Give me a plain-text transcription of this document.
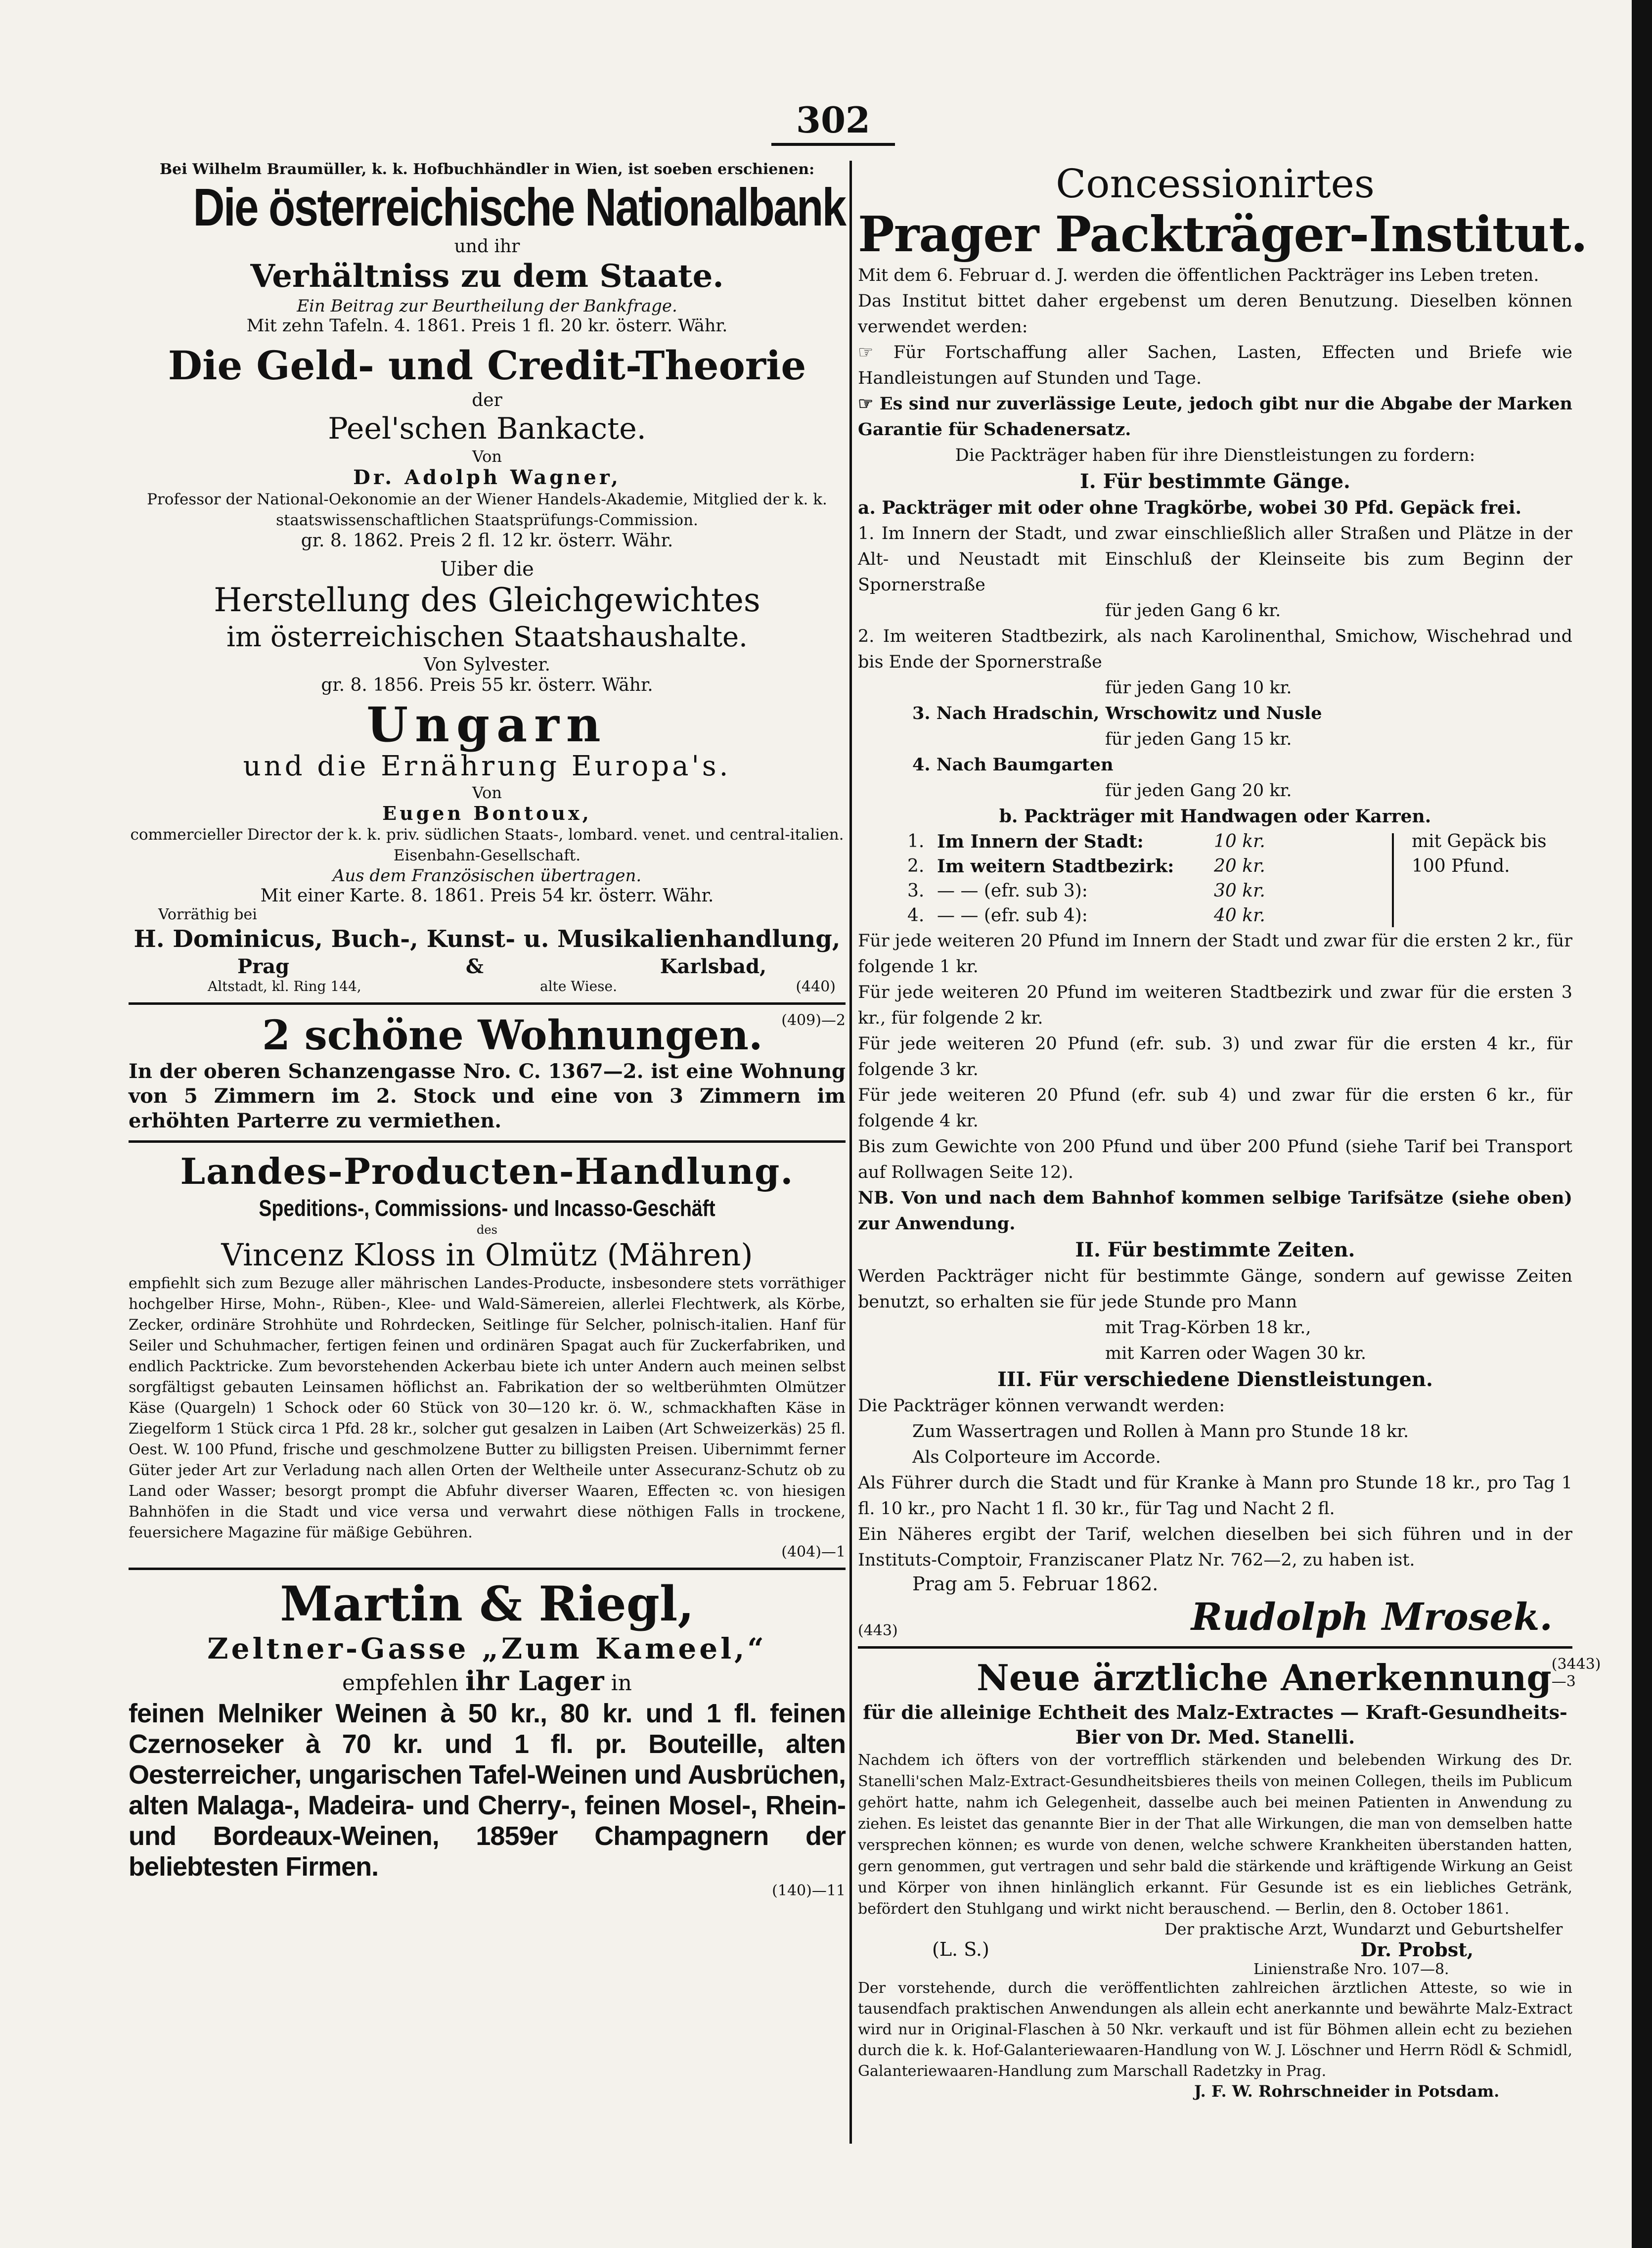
302

Bei Wilhelm Braumüller, k. k. Hofbuchhändler in Wien, ist soeben erschienen:

Die österreichische Nationalbank

und ihr

Verhältniss zu dem Staate.

Ein Beitrag zur Beurtheilung der Bankfrage.

Mit zehn Tafeln. 4. 1861. Preis 1 fl. 20 kr. österr. Währ.

Die Geld- und Credit-Theorie

der

Peel'schen Bankacte.

Von

Dr. Adolph Wagner,

Professor der National-Oekonomie an der Wiener Handels-Akademie, Mitglied der k. k. staatswissenschaftlichen Staatsprüfungs-Commission.

gr. 8. 1862. Preis 2 fl. 12 kr. österr. Währ.

Uiber die

Herstellung des Gleichgewichtes

im österreichischen Staatshaushalte.

Von Sylvester.

gr. 8. 1856. Preis 55 kr. österr. Währ.

Ungarn

und die Ernährung Europa's.

Von

Eugen Bontoux,

commercieller Director der k. k. priv. südlichen Staats-, lombard. venet. und central-italien. Eisenbahn-Gesellschaft.

Aus dem Französischen übertragen.

Mit einer Karte. 8. 1861. Preis 54 kr. österr. Währ.

Vorräthig bei

H. Dominicus, Buch-, Kunst- u. Musikalienhandlung,

Prag	&	Karlsbad,
Altstadt, kl. Ring 144,	alte Wiese.	(440)
2 schöne Wohnungen. (409)—2

In der oberen Schanzengasse Nro. C. 1367—2. ist eine Wohnung von 5 Zimmern im 2. Stock und eine von 3 Zimmern im erhöhten Parterre zu vermiethen.

Landes-Producten-Handlung.

Speditions-, Commissions- und Incasso-Geschäft

des

Vincenz Kloss in Olmütz (Mähren)

empfiehlt sich zum Bezuge aller mährischen Landes-Producte, insbesondere stets vorräthiger hochgelber Hirse, Mohn-, Rüben-, Klee- und Wald-Sämereien, allerlei Flechtwerk, als Körbe, Zecker, ordinäre Strohhüte und Rohrdecken, Seitlinge für Selcher, polnisch-italien. Hanf für Seiler und Schuhmacher, fertigen feinen und ordinären Spagat auch für Zuckerfabriken, und endlich Packtricke. Zum bevorstehenden Ackerbau biete ich unter Andern auch meinen selbst sorgfältigst gebauten Leinsamen höflichst an. Fabrikation der so weltberühmten Olmützer Käse (Quargeln) 1 Schock oder 60 Stück von 30—120 kr. ö. W., schmackhaften Käse in Ziegelform 1 Stück circa 1 Pfd. 28 kr., solcher gut gesalzen in Laiben (Art Schweizerkäs) 25 fl. Oest. W. 100 Pfund, frische und geschmolzene Butter zu billigsten Preisen. Uibernimmt ferner Güter jeder Art zur Verladung nach allen Orten der Weltheile unter Assecuranz-Schutz ob zu Land oder Wasser; besorgt prompt die Abfuhr diverser Waaren, Effecten ꝛc. von hiesigen Bahnhöfen in die Stadt und vice versa und verwahrt diese nöthigen Falls in trockene, feuersichere Magazine für mäßige Gebühren.

(404)—1

Martin & Riegl,

Zeltner-Gasse „Zum Kameel,“

empfehlen ihr Lager in

feinen Melniker Weinen à 50 kr., 80 kr. und 1 fl. feinen Czernoseker à 70 kr. und 1 fl. pr. Bouteille, alten Oesterreicher, ungarischen Tafel-Weinen und Ausbrüchen, alten Malaga-, Madeira- und Cherry-, feinen Mosel-, Rhein- und Bordeaux-Weinen, 1859er Champagnern der beliebtesten Firmen.

(140)—11

Concessionirtes

Prager Packträger-Institut.

Mit dem 6. Februar d. J. werden die öffentlichen Packträger ins Leben treten.

Das Institut bittet daher ergebenst um deren Benutzung. Dieselben können verwendet werden:

☞ Für Fortschaffung aller Sachen, Lasten, Effecten und Briefe wie Handleistungen auf Stunden und Tage.

☞ Es sind nur zuverlässige Leute, jedoch gibt nur die Abgabe der Marken Garantie für Schadenersatz.

Die Packträger haben für ihre Dienstleistungen zu fordern:

I. Für bestimmte Gänge.

a. Packträger mit oder ohne Tragkörbe, wobei 30 Pfd. Gepäck frei.

1. Im Innern der Stadt, und zwar einschließlich aller Straßen und Plätze in der Alt- und Neustadt mit Einschluß der Kleinseite bis zum Beginn der Spornerstraße

für jeden Gang 6 kr.

2. Im weiteren Stadtbezirk, als nach Karolinenthal, Smichow, Wischehrad und bis Ende der Spornerstraße

für jeden Gang 10 kr.

3. Nach Hradschin, Wrschowitz und Nusle

für jeden Gang 15 kr.

4. Nach Baumgarten

für jeden Gang 20 kr.

b. Packträger mit Handwagen oder Karren.

1. Im Innern der Stadt:	10 kr.	mit Gepäck bis
2. Im weitern Stadtbezirk:	20 kr.	100 Pfund.
3. — — (efr. sub 3):	30 kr.
4. — — (efr. sub 4):	40 kr.

Für jede weiteren 20 Pfund im Innern der Stadt und zwar für die ersten 2 kr., für folgende 1 kr.

Für jede weiteren 20 Pfund im weiteren Stadtbezirk und zwar für die ersten 3 kr., für folgende 2 kr.

Für jede weiteren 20 Pfund (efr. sub. 3) und zwar für die ersten 4 kr., für folgende 3 kr.

Für jede weiteren 20 Pfund (efr. sub 4) und zwar für die ersten 6 kr., für folgende 4 kr.

Bis zum Gewichte von 200 Pfund und über 200 Pfund (siehe Tarif bei Transport auf Rollwagen Seite 12).

NB. Von und nach dem Bahnhof kommen selbige Tarifsätze (siehe oben) zur Anwendung.

II. Für bestimmte Zeiten.

Werden Packträger nicht für bestimmte Gänge, sondern auf gewisse Zeiten benutzt, so erhalten sie für jede Stunde pro Mann

mit Trag-Körben 18 kr.,

mit Karren oder Wagen 30 kr.

III. Für verschiedene Dienstleistungen.

Die Packträger können verwandt werden:

Zum Wassertragen und Rollen à Mann pro Stunde 18 kr.

Als Colporteure im Accorde.

Als Führer durch die Stadt und für Kranke à Mann pro Stunde 18 kr., pro Tag 1 fl. 10 kr., pro Nacht 1 fl. 30 kr., für Tag und Nacht 2 fl.

Ein Näheres ergibt der Tarif, welchen dieselben bei sich führen und in der Instituts-Comptoir, Franziscaner Platz Nr. 762—2, zu haben ist.

Prag am 5. Februar 1862.

(443)	Rudolph Mrosek.
Neue ärztliche Anerkennung (3443)—3

für die alleinige Echtheit des Malz-Extractes — Kraft-Gesundheits-Bier von Dr. Med. Stanelli.

Nachdem ich öfters von der vortrefflich stärkenden und belebenden Wirkung des Dr. Stanelli'schen Malz-Extract-Gesundheitsbieres theils von meinen Collegen, theils im Publicum gehört hatte, nahm ich Gelegenheit, dasselbe auch bei meinen Patienten in Anwendung zu ziehen. Es leistet das genannte Bier in der That alle Wirkungen, die man von demselben hatte versprechen können; es wurde von denen, welche schwere Krankheiten überstanden hatten, gern genommen, gut vertragen und sehr bald die stärkende und kräftigende Wirkung an Geist und Körper von ihnen hinlänglich erkannt. Für Gesunde ist es ein liebliches Getränk, befördert den Stuhlgang und wirkt nicht berauschend. — Berlin, den 8. October 1861.

Der praktische Arzt, Wundarzt und Geburtshelfer

(L. S.)	Dr. Probst,

Linienstraße Nro. 107—8.

Der vorstehende, durch die veröffentlichten zahlreichen ärztlichen Atteste, so wie in tausendfach praktischen Anwendungen als allein echt anerkannte und bewährte Malz-Extract wird nur in Original-Flaschen à 50 Nkr. verkauft und ist für Böhmen allein echt zu beziehen durch die k. k. Hof-Galanteriewaaren-Handlung von W. J. Löschner und Herrn Rödl & Schmidl, Galanteriewaaren-Handlung zum Marschall Radetzky in Prag.

J. F. W. Rohrschneider in Potsdam.
